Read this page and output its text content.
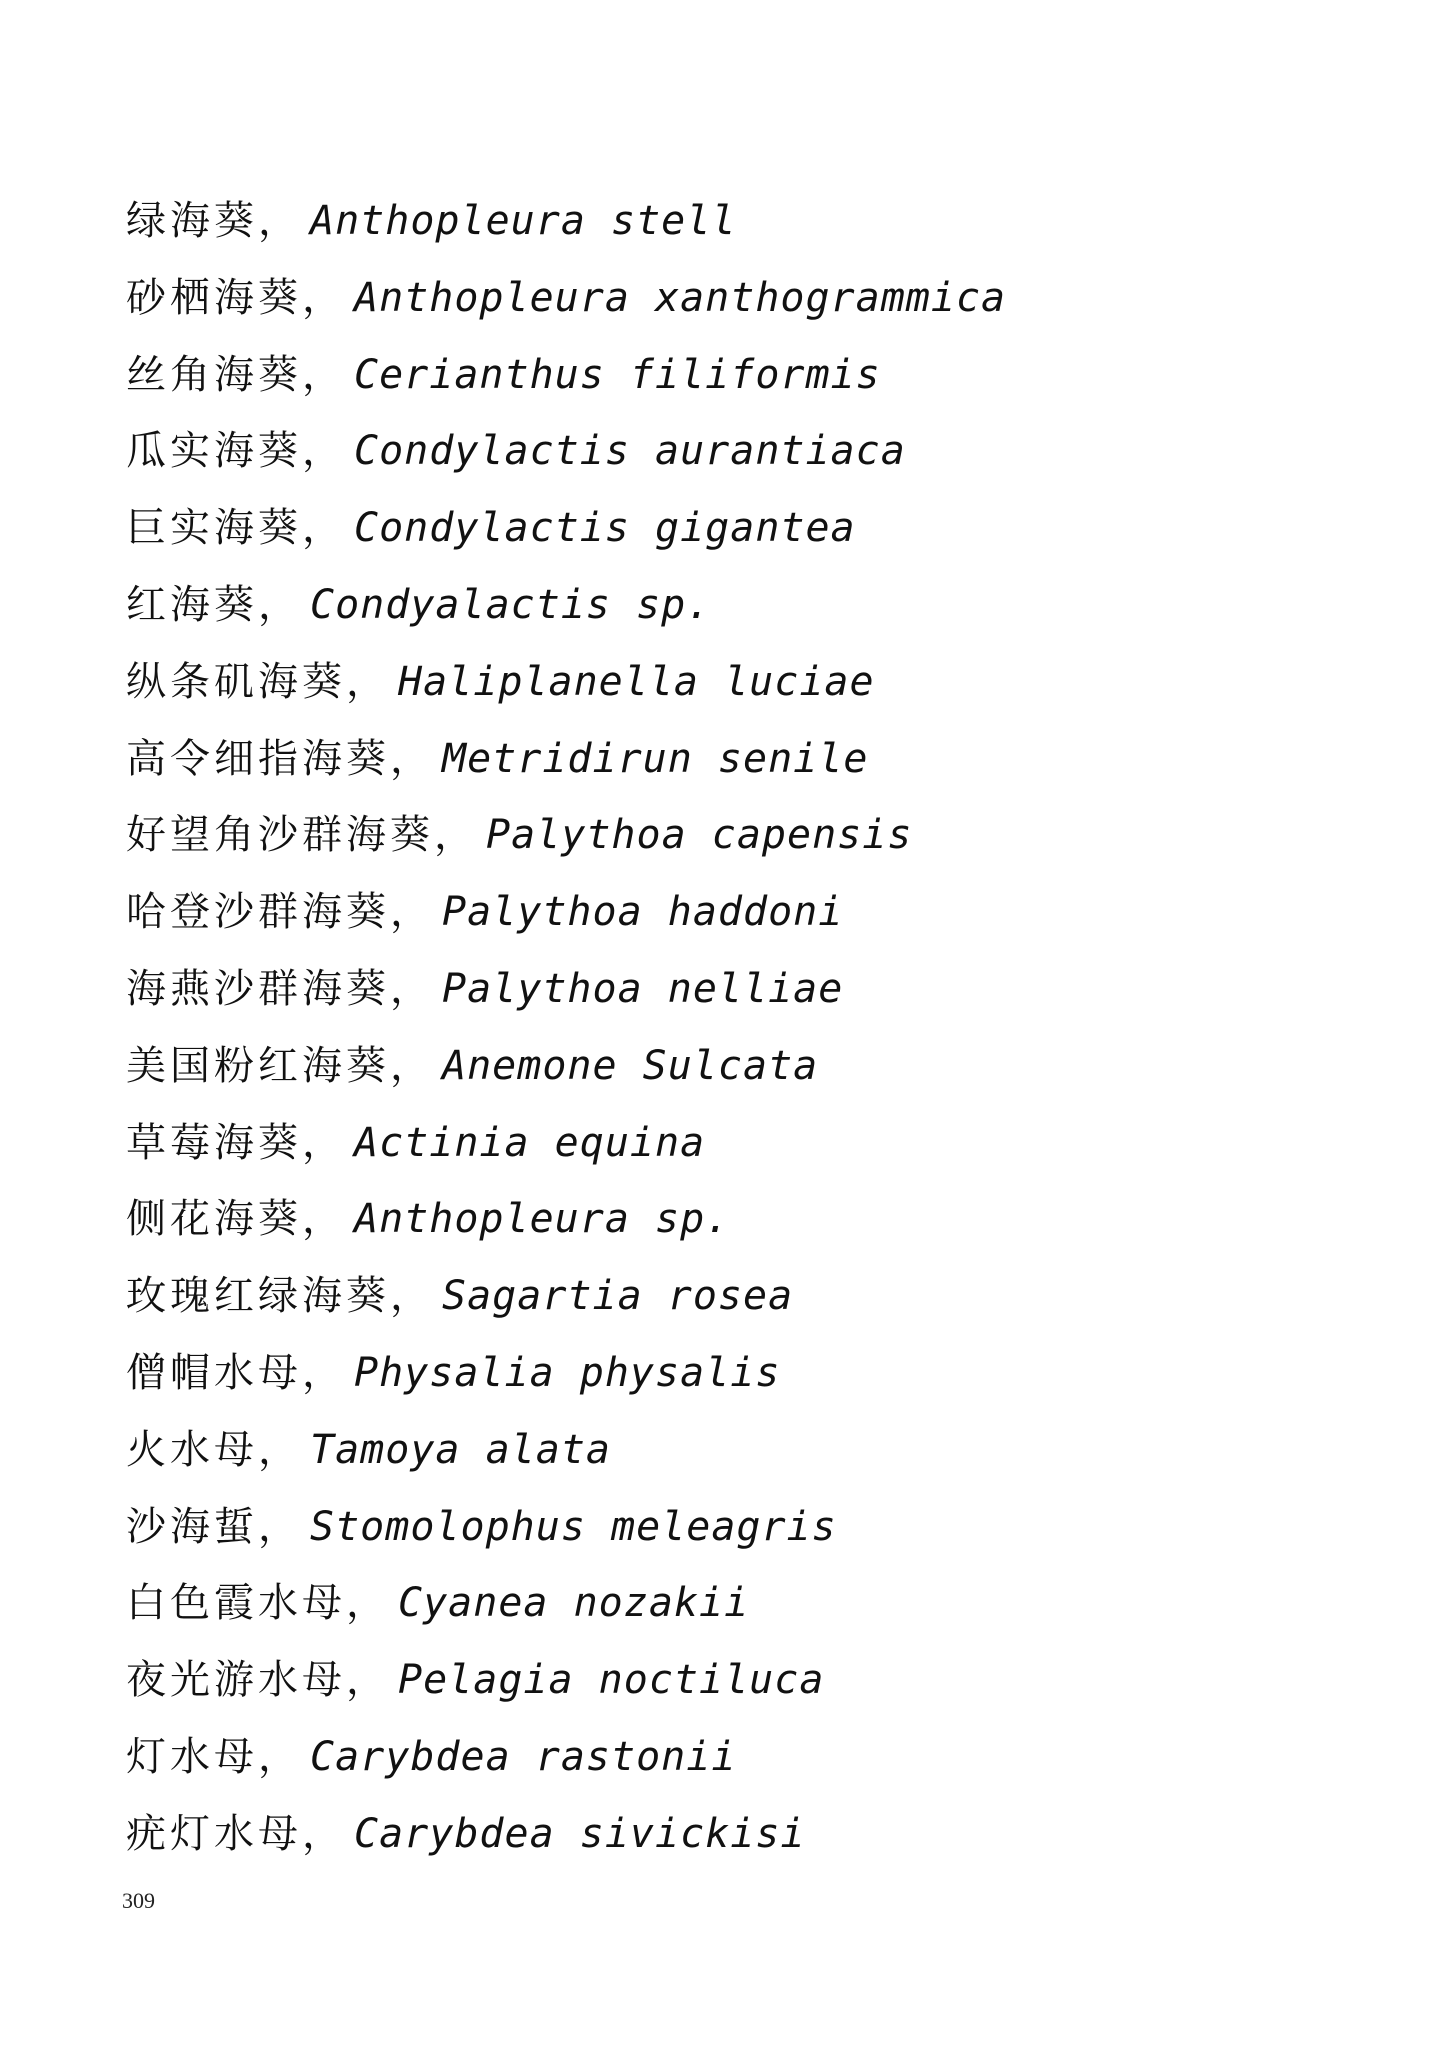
绿海葵， Anthopleura stell
砂栖海葵， Anthopleura xanthogrammica
丝角海葵， Cerianthus filiformis
瓜实海葵， Condylactis aurantiaca
巨实海葵， Condylactis gigantea
红海葵， Condyalactis sp.
纵条矶海葵， Haliplanella luciae
高令细指海葵， Metridirun senile
好望角沙群海葵， Palythoa capensis
哈登沙群海葵， Palythoa haddoni
海燕沙群海葵， Palythoa nelliae
美国粉红海葵， Anemone Sulcata
草莓海葵， Actinia equina
侧花海葵， Anthopleura sp.
玫瑰红绿海葵， Sagartia rosea
僧帽水母， Physalia physalis
火水母， Tamoya alata
沙海蜇， Stomolophus meleagris
白色霞水母， Cyanea nozakii
夜光游水母， Pelagia noctiluca
灯水母， Carybdea rastonii
疣灯水母， Carybdea sivickisi
309
